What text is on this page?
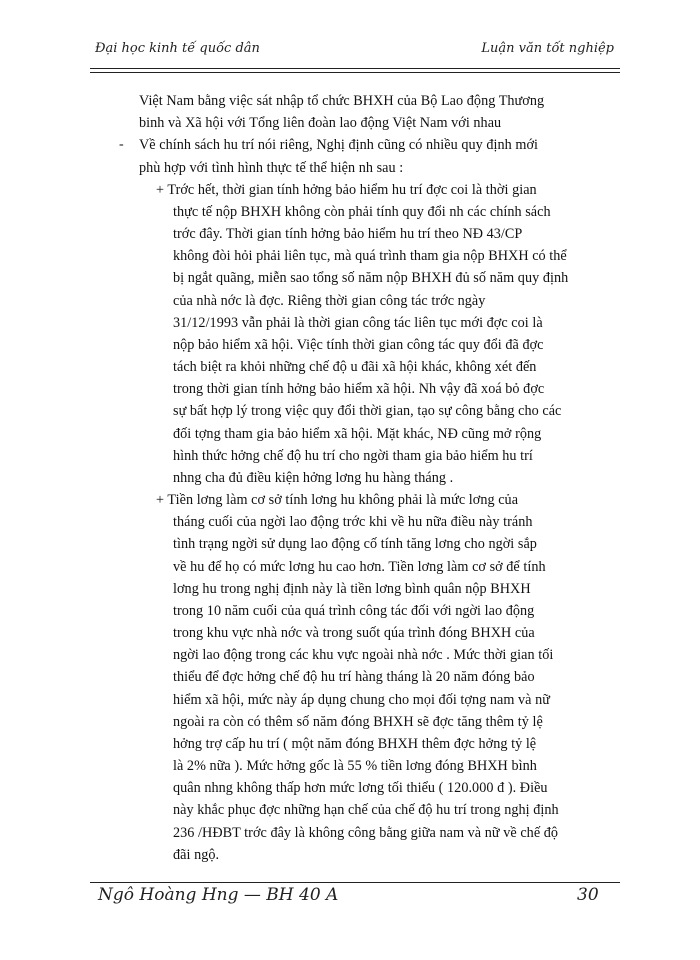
Đại học kinh tế quốc dân	Luận văn tốt nghiệp
-
Việt Nam bằng việc sát nhập tổ chức BHXH của Bộ Lao động Thương
binh và Xã hội với Tổng liên đoàn lao động Việt Nam với nhau
Về chính sách hu trí nói riêng, Nghị định cũng có nhiều quy định mới
phù hợp với tình hình thực tế thể hiện nh sau :
+ Trớc hết, thời gian tính hởng bảo hiểm hu trí đợc coi là thời gian
thực tế nộp BHXH không còn phải tính quy đổi nh các chính sách
trớc đây. Thời gian tính hởng bảo hiểm hu trí theo NĐ 43/CP
không đòi hỏi phải liên tục, mà quá trình tham gia nộp BHXH có thể
bị ngắt quãng, miễn sao tổng số năm nộp BHXH đủ số năm quy định
của nhà nớc là đợc. Riêng thời gian công tác trớc ngày
31/12/1993 vẫn phải là thời gian công tác liên tục mới đợc coi là
nộp bảo hiểm xã hội. Việc tính thời gian công tác quy đổi đã đợc
tách biệt ra khỏi những chế độ u đãi xã hội khác, không xét đến
trong thời gian tính hởng bảo hiểm xã hội. Nh vậy đã xoá bỏ đợc
sự bất hợp lý trong việc quy đổi thời gian, tạo sự công bằng cho các
đối tợng tham gia bảo hiểm xã hội. Mặt khác, NĐ cũng mở rộng
hình thức hởng chế độ hu trí cho ngời tham gia bảo hiểm hu trí
nhng cha đủ điều kiện hởng lơng hu hàng tháng .
+ Tiền lơng làm cơ sở tính lơng hu không phải là mức lơng của
tháng cuối của ngời lao động trớc khi về hu nữa điều này tránh
tình trạng ngời sử dụng lao động cố tính tăng lơng cho ngời sắp
về hu để họ có mức lơng hu cao hơn. Tiền lơng làm cơ sở để tính
lơng hu trong nghị định này là tiền lơng bình quân nộp BHXH
trong 10 năm cuối của quá trình công tác đối với ngời lao động
trong khu vực nhà nớc và trong suốt qúa trình đóng BHXH của
ngời lao động trong các khu vực ngoài nhà nớc . Mức thời gian tối
thiểu để đợc hởng chế độ hu trí hàng tháng là 20 năm đóng bảo
hiểm xã hội, mức này áp dụng chung cho mọi đối tợng nam và nữ
ngoài ra còn có thêm số năm đóng BHXH sẽ đợc tăng thêm tỷ lệ
hởng trợ cấp hu trí ( một năm đóng BHXH thêm đợc hởng tỷ lệ
là 2% nữa ). Mức hởng gốc là 55 % tiền lơng đóng BHXH bình
quân nhng không thấp hơn mức lơng tối thiểu ( 120.000 đ ). Điều
này khắc phục đợc những hạn chế của chế độ hu trí trong nghị định
236 /HĐBT trớc đây là không công bằng giữa nam và nữ về chế độ
đãi ngộ.
Ngô Hoàng Hng — BH 40 A	30
